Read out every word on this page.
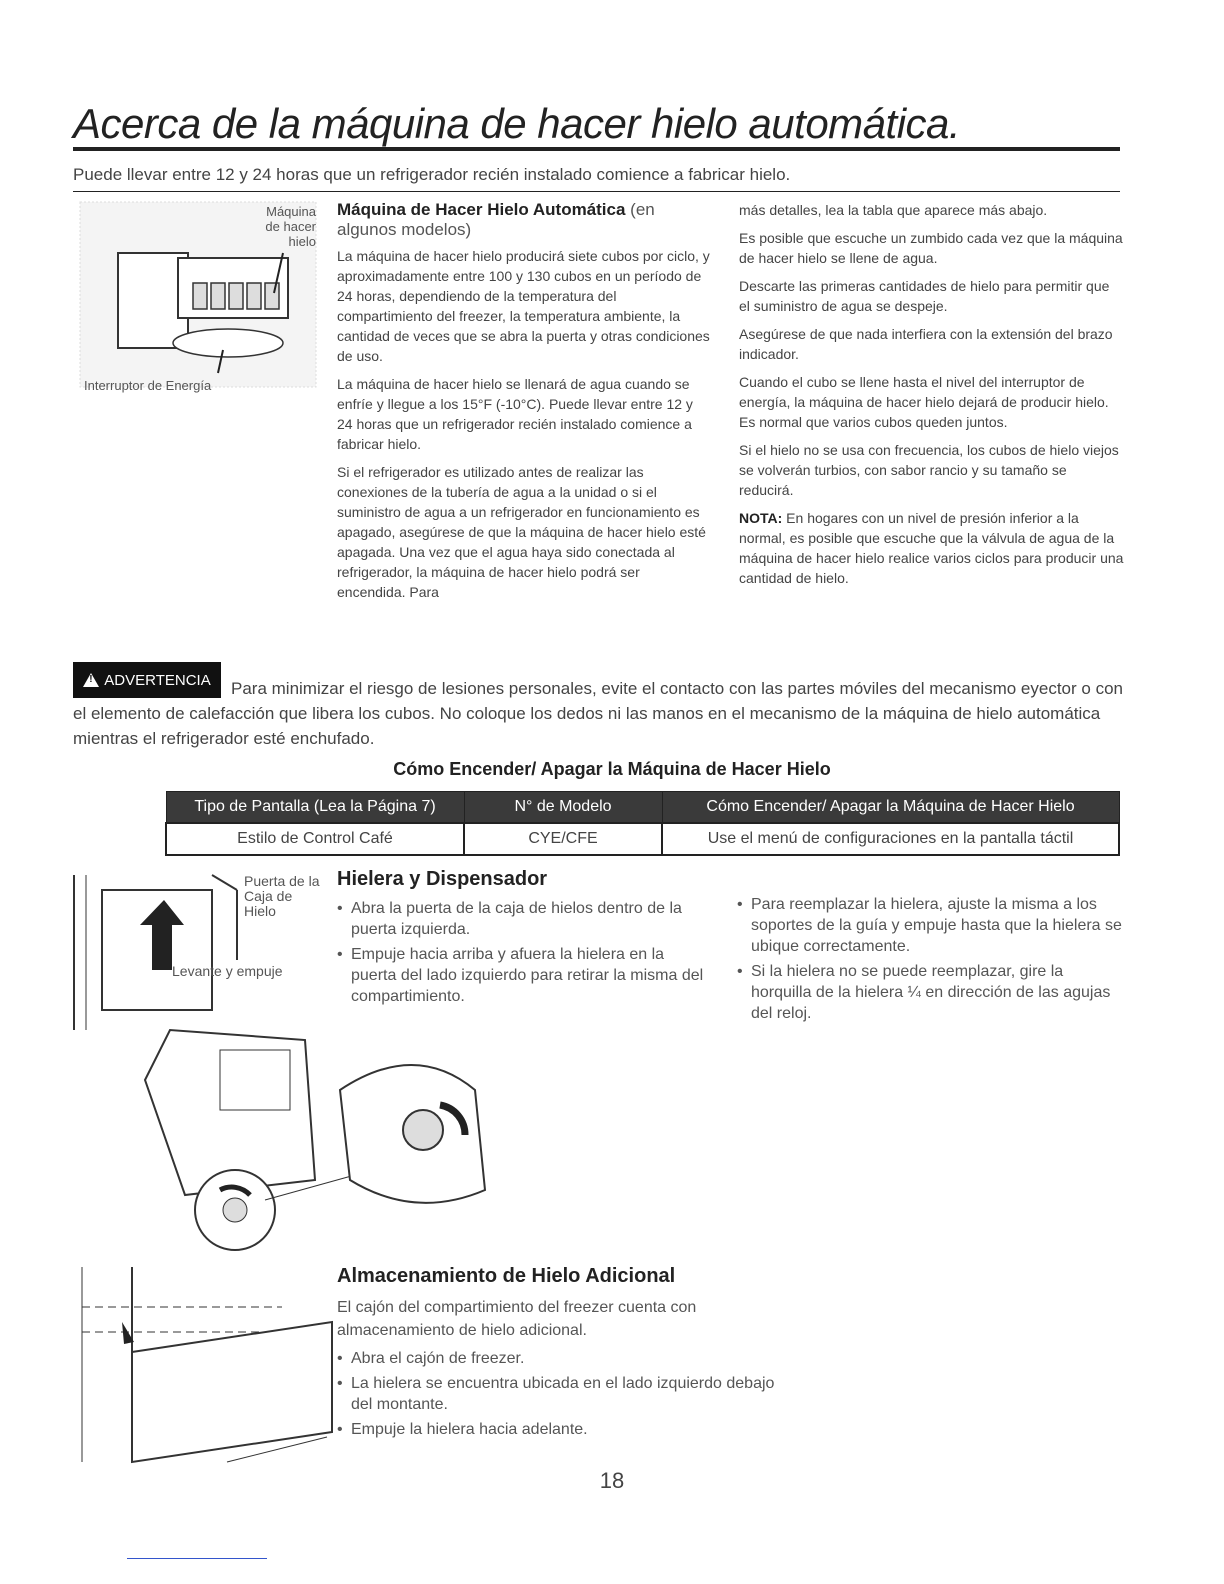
Acerca de la máquina de hacer hielo automática.
Puede llevar entre 12 y 24 horas que un refrigerador recién instalado comience a fabricar hielo.
Máquina de hacer hielo
Interruptor de Energía
Máquina de Hacer Hielo Automática (en algunos modelos)

La máquina de hacer hielo producirá siete cubos por ciclo, y aproximadamente entre 100 y 130 cubos en un período de 24 horas, dependiendo de la temperatura del compartimiento del freezer, la temperatura ambiente, la cantidad de veces que se abra la puerta y otras condiciones de uso.

La máquina de hacer hielo se llenará de agua cuando se enfríe y llegue a los 15°F (-10°C). Puede llevar entre 12 y 24 horas que un refrigerador recién instalado comience a fabricar hielo.

Si el refrigerador es utilizado antes de realizar las conexiones de la tubería de agua a la unidad o si el suministro de agua a un refrigerador en funcionamiento es apagado, asegúrese de que la máquina de hacer hielo esté apagada. Una vez que el agua haya sido conectada al refrigerador, la máquina de hacer hielo podrá ser encendida. Para

más detalles, lea la tabla que aparece más abajo.

Es posible que escuche un zumbido cada vez que la máquina de hacer hielo se llene de agua.

Descarte las primeras cantidades de hielo para permitir que el suministro de agua se despeje.

Asegúrese de que nada interfiera con la extensión del brazo indicador.

Cuando el cubo se llene hasta el nivel del interruptor de energía, la máquina de hacer hielo dejará de producir hielo. Es normal que varios cubos queden juntos.

Si el hielo no se usa con frecuencia, los cubos de hielo viejos se volverán turbios, con sabor rancio y su tamaño se reducirá.

NOTA: En hogares con un nivel de presión inferior a la normal, es posible que escuche que la válvula de agua de la máquina de hacer hielo realice varios ciclos para producir una cantidad de hielo.

Para minimizar el riesgo de lesiones personales, evite el contacto con las partes móviles del mecanismo eyector o con el elemento de calefacción que libera los cubos. No coloque los dedos ni las manos en el mecanismo de la máquina de hielo automática mientras el refrigerador esté enchufado.
! ADVERTENCIA
Cómo Encender/ Apagar la Máquina de Hacer Hielo
Tipo de Pantalla (Lea la Página 7)	N° de Modelo	Cómo Encender/ Apagar la Máquina de Hacer Hielo
Estilo de Control Café	CYE/CFE	Use el menú de configuraciones en la pantalla táctil
Puerta de la Caja de Hielo
Levante y empuje
Hielera y Dispensador
• Abra la puerta de la caja de hielos dentro de la puerta izquierda.
• Empuje hacia arriba y afuera la hielera en la puerta del lado izquierdo para retirar la misma del compartimiento.
• Para reemplazar la hielera, ajuste la misma a los soportes de la guía y empuje hasta que la hielera se ubique correctamente.
• Si la hielera no se puede reemplazar, gire la horquilla de la hielera ¼ en dirección de las agujas del reloj.
Almacenamiento de Hielo Adicional
El cajón del compartimiento del freezer cuenta con almacenamiento de hielo adicional.
• Abra el cajón de freezer.
• La hielera se encuentra ubicada en el lado izquierdo debajo del montante.
• Empuje la hielera hacia adelante.
18
